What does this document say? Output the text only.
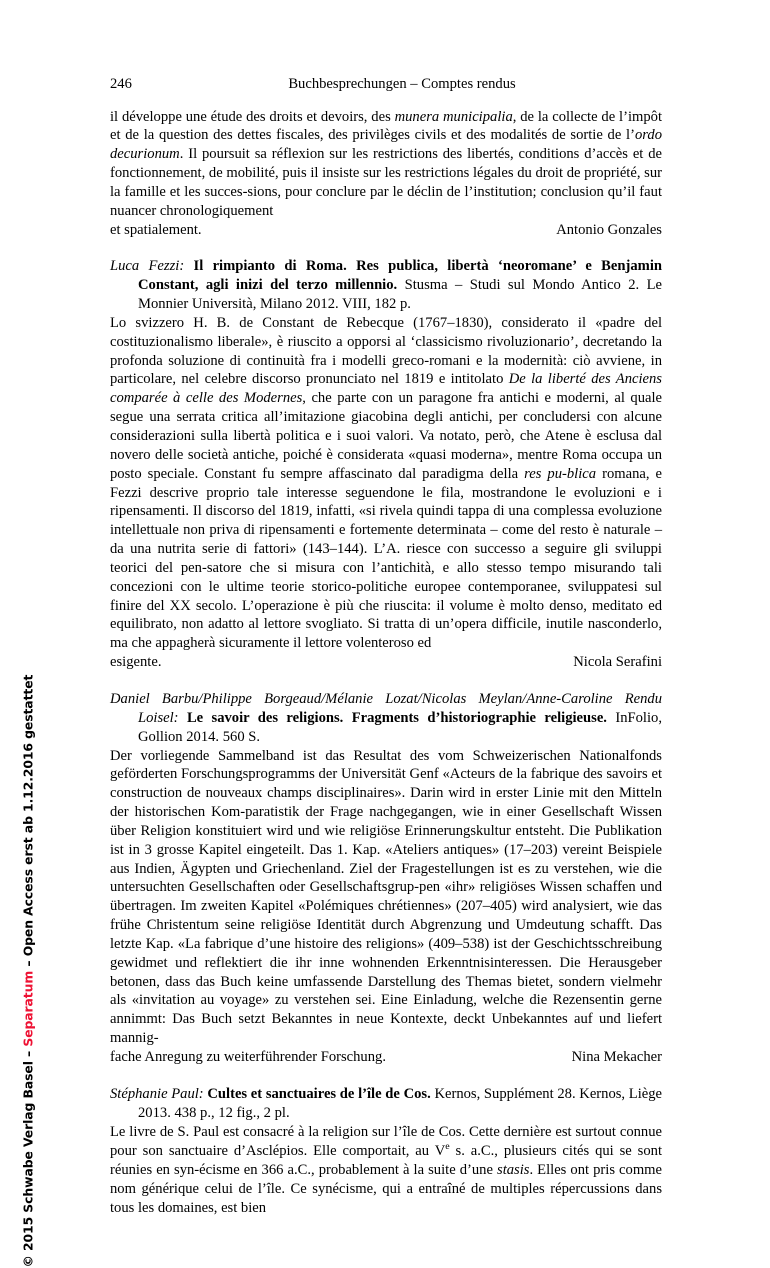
© 2015 Schwabe Verlag Basel – Separatum – Open Access erst ab 1.12.2016 gestattet
246	Buchbesprechungen – Comptes rendus

il développe une étude des droits et devoirs, des munera municipalia, de la collecte de l’impôt et de la question des dettes fiscales, des privilèges civils et des modalités de sortie de l’ordo decurionum. Il poursuit sa réflexion sur les restrictions des libertés, conditions d’accès et de fonctionnement, de mobilité, puis il insiste sur les restrictions légales du droit de propriété, sur la famille et les succes-sions, pour conclure par le déclin de l’institution; conclusion qu’il faut nuancer chronologiquement

et spatialement.	Antonio Gonzales
Luca Fezzi: Il rimpianto di Roma. Res publica, libertà ‘neoromane’ e Benjamin Constant, agli inizi del terzo millennio. Stusma – Studi sul Mondo Antico 2. Le Monnier Università, Milano 2012. VIII, 182 p.

Lo svizzero H. B. de Constant de Rebecque (1767–1830), considerato il «padre del costituzionalismo liberale», è riuscito a opporsi al ‘classicismo rivoluzionario’, decretando la profonda soluzione di continuità fra i modelli greco-romani e la modernità: ciò avviene, in particolare, nel celebre discorso pronunciato nel 1819 e intitolato De la liberté des Anciens comparée à celle des Modernes, che parte con un paragone fra antichi e moderni, al quale segue una serrata critica all’imitazione giacobina degli antichi, per concludersi con alcune considerazioni sulla libertà politica e i suoi valori. Va notato, però, che Atene è esclusa dal novero delle società antiche, poiché è considerata «quasi moderna», mentre Roma occupa un posto speciale. Constant fu sempre affascinato dal paradigma della res pu-blica romana, e Fezzi descrive proprio tale interesse seguendone le fila, mostrandone le evoluzioni e i ripensamenti. Il discorso del 1819, infatti, «si rivela quindi tappa di una complessa evoluzione intellettuale non priva di ripensamenti e fortemente determinata – come del resto è naturale – da una nutrita serie di fattori» (143–144). L’A. riesce con successo a seguire gli sviluppi teorici del pen-satore che si misura con l’antichità, e allo stesso tempo misurando tali concezioni con le ultime teorie storico-politiche europee contemporanee, sviluppatesi sul finire del XX secolo. L’operazione è più che riuscita: il volume è molto denso, meditato ed equilibrato, non adatto al lettore svogliato. Si tratta di un’opera difficile, inutile nasconderlo, ma che appagherà sicuramente il lettore volenteroso ed

esigente.	Nicola Serafini
Daniel Barbu/Philippe Borgeaud/Mélanie Lozat/Nicolas Meylan/Anne-Caroline Rendu Loisel: Le savoir des religions. Fragments d’historiographie religieuse. InFolio, Gollion 2014. 560 S.

Der vorliegende Sammelband ist das Resultat des vom Schweizerischen Nationalfonds geförderten Forschungsprogramms der Universität Genf «Acteurs de la fabrique des savoirs et construction de nouveaux champs disciplinaires». Darin wird in erster Linie mit den Mitteln der historischen Kom-paratistik der Frage nachgegangen, wie in einer Gesellschaft Wissen über Religion konstituiert wird und wie religiöse Erinnerungskultur entsteht. Die Publikation ist in 3 grosse Kapitel eingeteilt. Das 1. Kap. «Ateliers antiques» (17–203) vereint Beispiele aus Indien, Ägypten und Griechenland. Ziel der Fragestellungen ist es zu verstehen, wie die untersuchten Gesellschaften oder Gesellschaftsgrup-pen «ihr» religiöses Wissen schaffen und übertragen. Im zweiten Kapitel «Polémiques chrétiennes» (207–405) wird analysiert, wie das frühe Christentum seine religiöse Identität durch Abgrenzung und Umdeutung schafft. Das letzte Kap. «La fabrique d’une histoire des religions» (409–538) ist der Geschichtsschreibung gewidmet und reflektiert die ihr inne wohnenden Erkenntnisinteressen. Die Herausgeber betonen, dass das Buch keine umfassende Darstellung des Themas bietet, sondern vielmehr als «invitation au voyage» zu verstehen sei. Eine Einladung, welche die Rezensentin gerne annimmt: Das Buch setzt Bekanntes in neue Kontexte, deckt Unbekanntes auf und liefert mannig-

fache Anregung zu weiterführender Forschung.	Nina Mekacher
Stéphanie Paul: Cultes et sanctuaires de l’île de Cos. Kernos, Supplément 28. Kernos, Liège 2013. 438 p., 12 fig., 2 pl.

Le livre de S. Paul est consacré à la religion sur l’île de Cos. Cette dernière est surtout connue pour son sanctuaire d’Asclépios. Elle comportait, au Ve s. a.C., plusieurs cités qui se sont réunies en syn-écisme en 366 a.C., probablement à la suite d’une stasis. Elles ont pris comme nom générique celui de l’île. Ce synécisme, qui a entraîné de multiples répercussions dans tous les domaines, est bien
